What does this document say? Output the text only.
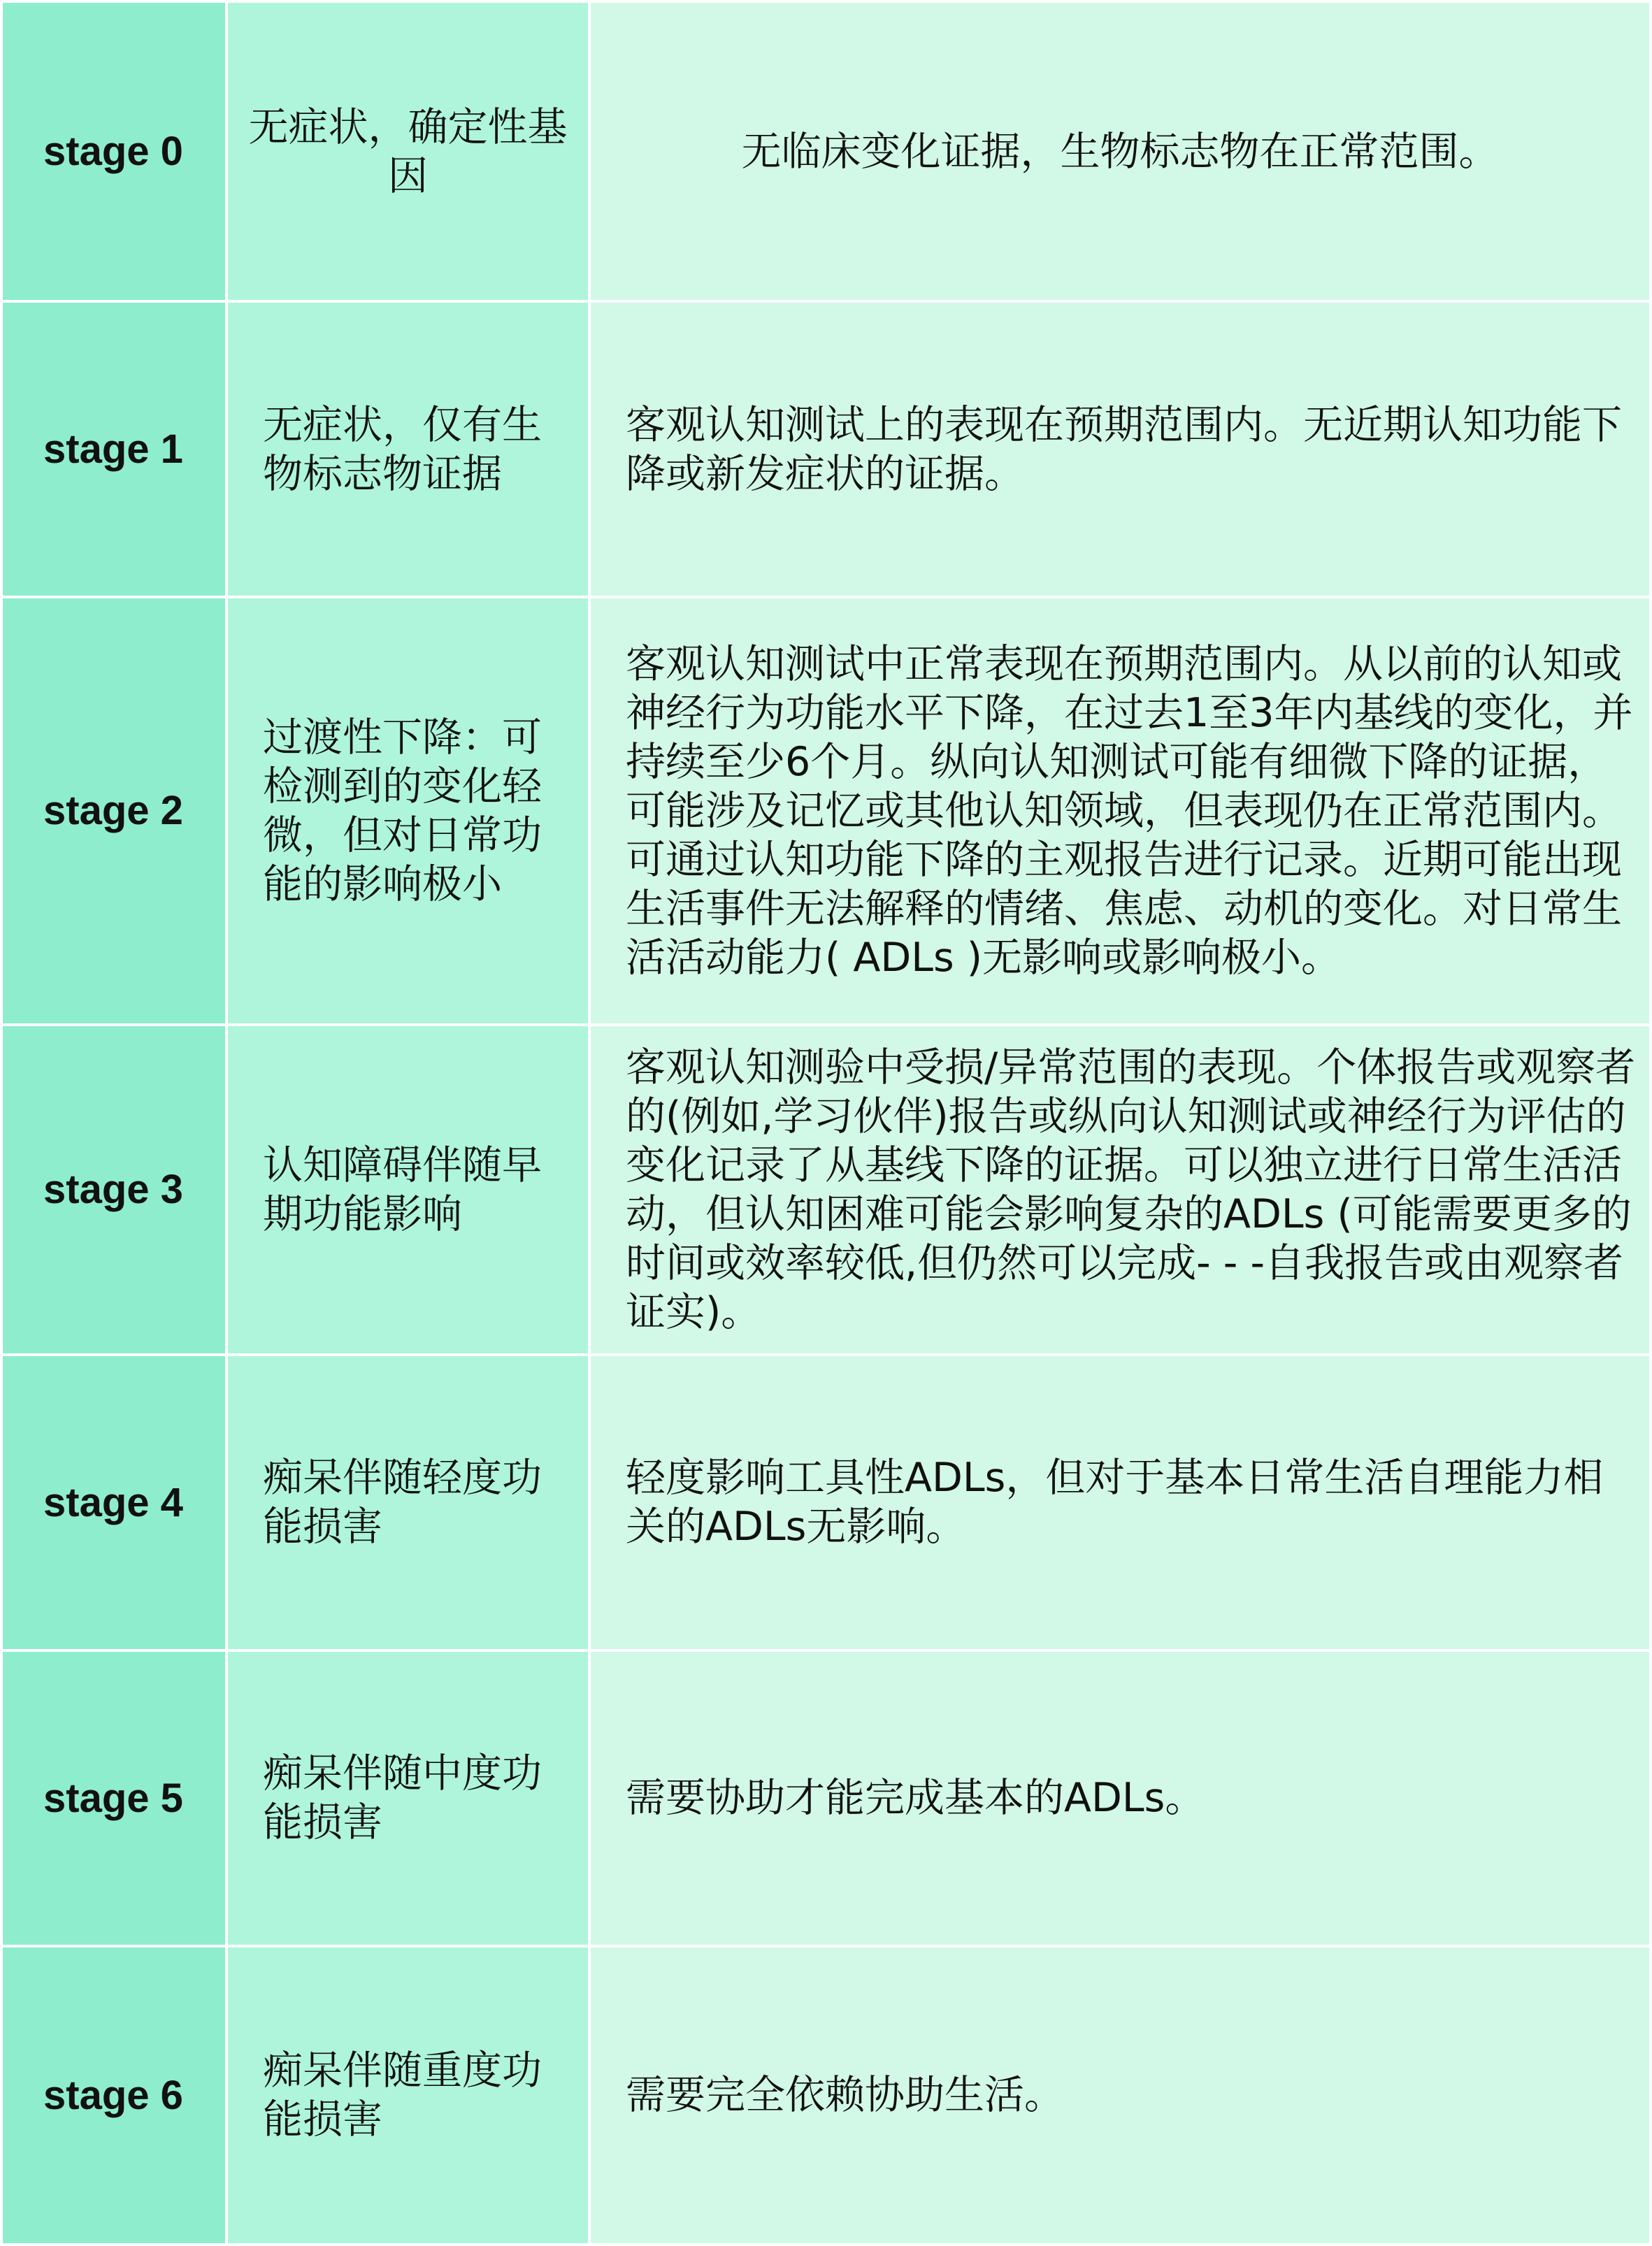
stage 0	无症状，确定性基因	无临床变化证据，生物标志物在正常范围。
stage 1	无症状，仅有生物标志物证据	客观认知测试上的表现在预期范围内。无近期认知功能下降或新发症状的证据。
stage 2	过渡性下降：可检测到的变化轻微，但对日常功能的影响极小	客观认知测试中正常表现在预期范围内。从以前的认知或神经行为功能水平下降，在过去1至3年内基线的变化，并持续至少6个月。纵向认知测试可能有细微下降的证据，可能涉及记忆或其他认知领域，但表现仍在正常范围内。可通过认知功能下降的主观报告进行记录。近期可能出现生活事件无法解释的情绪、焦虑、动机的变化。对日常生活活动能力( ADLs )无影响或影响极小。
stage 3	认知障碍伴随早期功能影响	客观认知测验中受损/异常范围的表现。个体报告或观察者的(例如,学习伙伴)报告或纵向认知测试或神经行为评估的变化记录了从基线下降的证据。可以独立进行日常生活活动，但认知困难可能会影响复杂的ADLs (可能需要更多的时间或效率较低,但仍然可以完成- - -自我报告或由观察者证实)。
stage 4	痴呆伴随轻度功能损害	轻度影响工具性ADLs，但对于基本日常生活自理能力相关的ADLs无影响。
stage 5	痴呆伴随中度功能损害	需要协助才能完成基本的ADLs。
stage 6	痴呆伴随重度功能损害	需要完全依赖协助生活。
